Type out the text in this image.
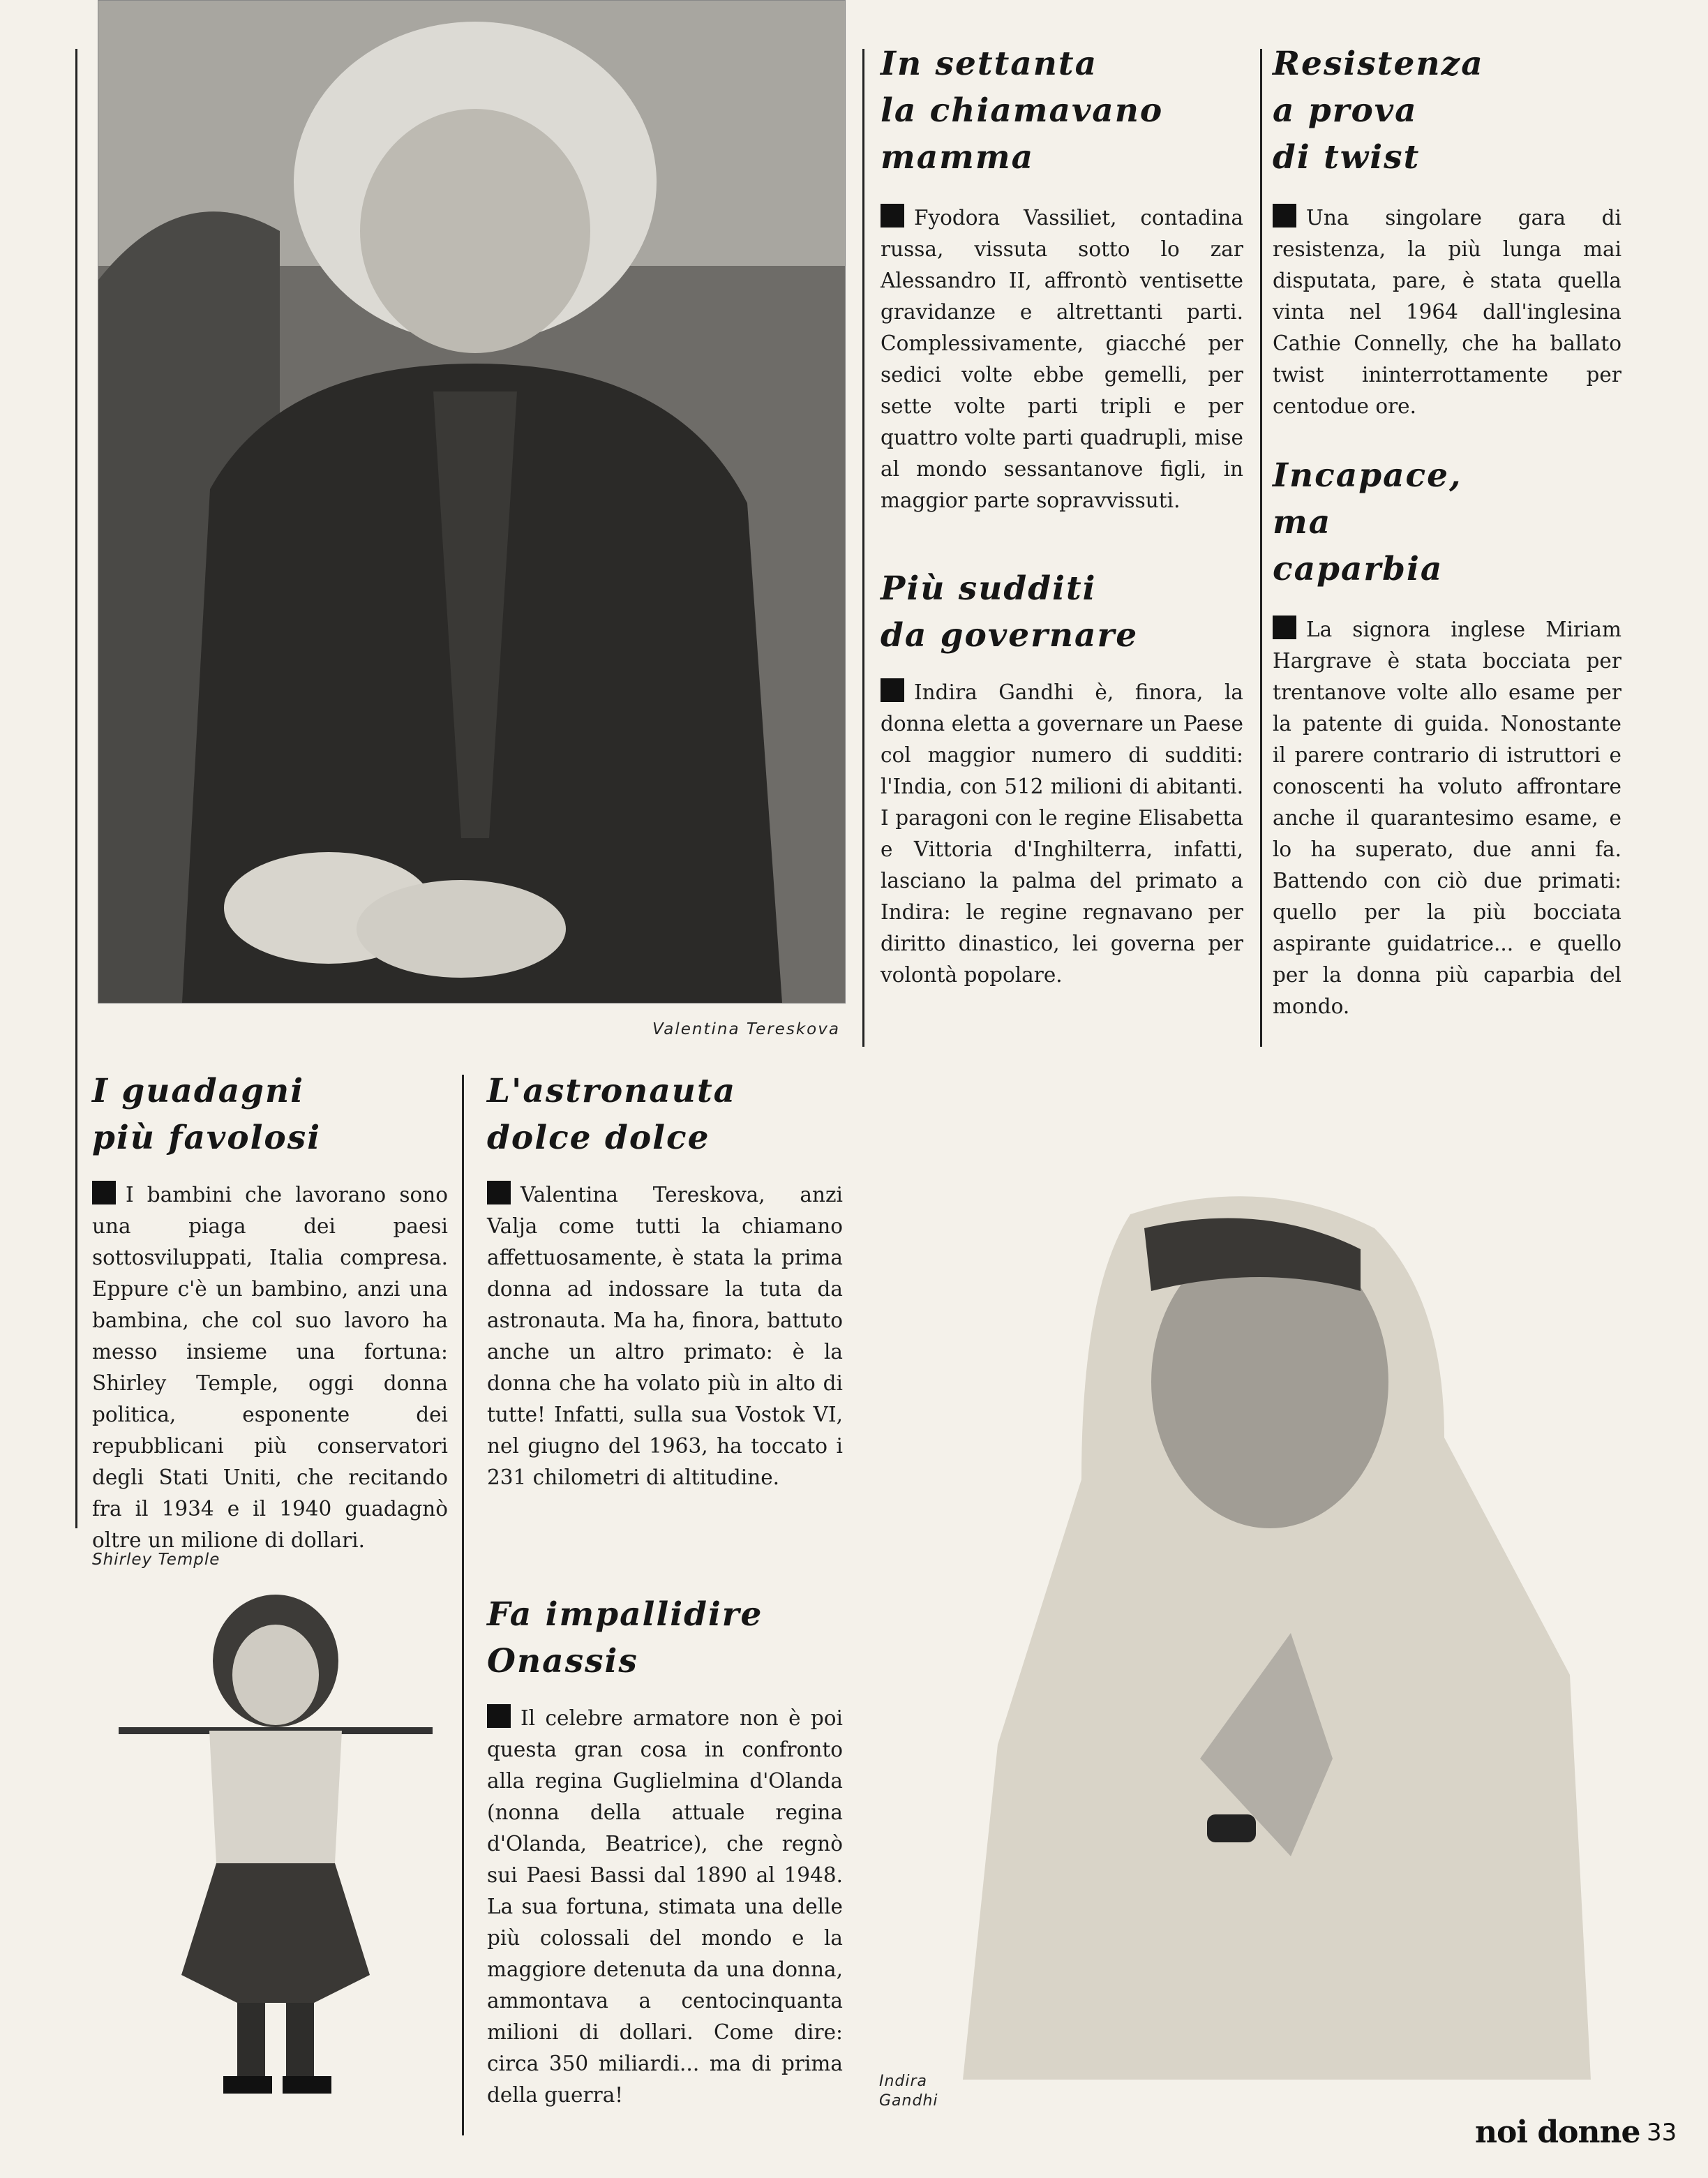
Valentina Tereskova
I guadagni
più favolosi

I bambini che lavorano sono una piaga dei paesi sottosviluppati, Italia compresa. Eppure c'è un bambino, anzi una bambina, che col suo lavoro ha messo insieme una fortuna: Shirley Temple, oggi donna politica, esponente dei repubblicani più conservatori degli Stati Uniti, che recitando fra il 1934 e il 1940 guadagnò oltre un milione di dollari.

Shirley Temple
L'astronauta
dolce dolce

Valentina Tereskova, anzi Valja come tutti la chiamano affettuosamente, è stata la prima donna ad indossare la tuta da astronauta. Ma ha, finora, battuto anche un altro primato: è la donna che ha volato più in alto di tutte! Infatti, sulla sua Vostok VI, nel giugno del 1963, ha toccato i 231 chilometri di altitudine.

Fa impallidire
Onassis

Il celebre armatore non è poi questa gran cosa in confronto alla regina Guglielmina d'Olanda (nonna della attuale regina d'Olanda, Beatrice), che regnò sui Paesi Bassi dal 1890 al 1948. La sua fortuna, stimata una delle più colossali del mondo e la maggiore detenuta da una donna, ammontava a centocinquanta milioni di dollari. Come dire: circa 350 miliardi... ma di prima della guerra!

In settanta
la chiamavano
mamma

Fyodora Vassiliet, contadina russa, vissuta sotto lo zar Alessandro II, affrontò ventisette gravidanze e altrettanti parti. Complessivamente, giacché per sedici volte ebbe gemelli, per sette volte parti tripli e per quattro volte parti quadrupli, mise al mondo sessantanove figli, in maggior parte sopravvissuti.

Più sudditi
da governare

Indira Gandhi è, finora, la donna eletta a governare un Paese col maggior numero di sudditi: l'India, con 512 milioni di abitanti. I paragoni con le regine Elisabetta e Vittoria d'Inghilterra, infatti, lasciano la palma del primato a Indira: le regine regnavano per diritto dinastico, lei governa per volontà popolare.

Resistenza
a prova
di twist

Una singolare gara di resistenza, la più lunga mai disputata, pare, è stata quella vinta nel 1964 dall'inglesina Cathie Connelly, che ha ballato twist ininterrottamente per centodue ore.

Incapace,
ma
caparbia

La signora inglese Miriam Hargrave è stata bocciata per trentanove volte allo esame per la patente di guida. Nonostante il parere contrario di istruttori e conoscenti ha voluto affrontare anche il quarantesimo esame, e lo ha superato, due anni fa. Battendo con ciò due primati: quello per la più bocciata aspirante guidatrice... e quello per la donna più caparbia del mondo.

Indira
Gandhi
noi donne 33
